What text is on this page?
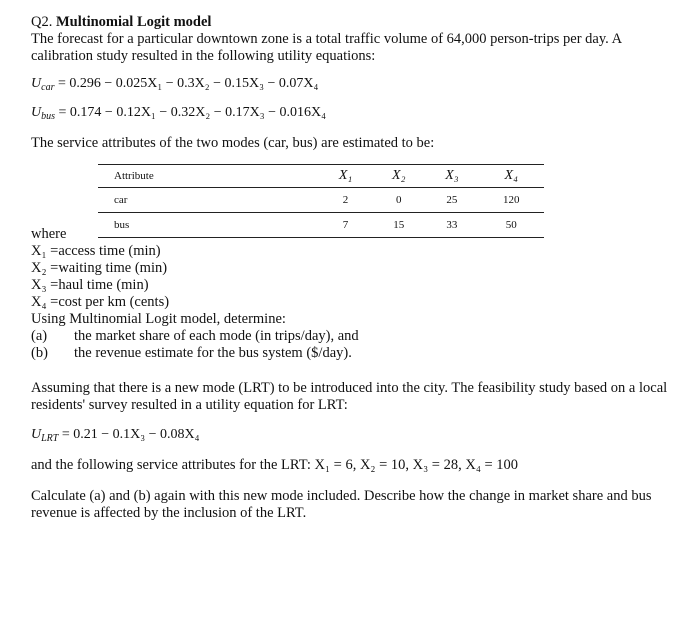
Q2. Multinomial Logit model

The forecast for a particular downtown zone is a total traffic volume of 64,000 person-trips per day. A calibration study resulted in the following utility equations:

$U_{car} = 0.296 - 0.025X_1 - 0.3X_2 - 0.15X_3 - 0.07X_4$

$U_{bus} = 0.174 - 0.12X_1 - 0.32X_2 - 0.17X_3 - 0.016X_4$

The service attributes of the two modes (car, bus) are estimated to be:

where

X₁ =access time (min)

X₂ =waiting time (min)

X₃ =haul time (min)

X₄ =cost per km (cents)

Using Multinomial Logit model, determine:

(a)	the market share of each mode (in trips/day), and
(b)	the revenue estimate for the bus system ($/day).

Assuming that there is a new mode (LRT) to be introduced into the city. The feasibility study based on a local residents' survey resulted in a utility equation for LRT:

$U_{LRT} = 0.21 - 0.1X_3 - 0.08X_4$

and the following service attributes for the LRT: X₁ = 6, X₂ = 10, X₃ = 28, X₄ = 100

Calculate (a) and (b) again with this new mode included. Describe how the change in market share and bus revenue is affected by the inclusion of the LRT.

Attribute	X₁	X₂	X₃	X₄
car	2	0	25	120
bus	7	15	33	50
